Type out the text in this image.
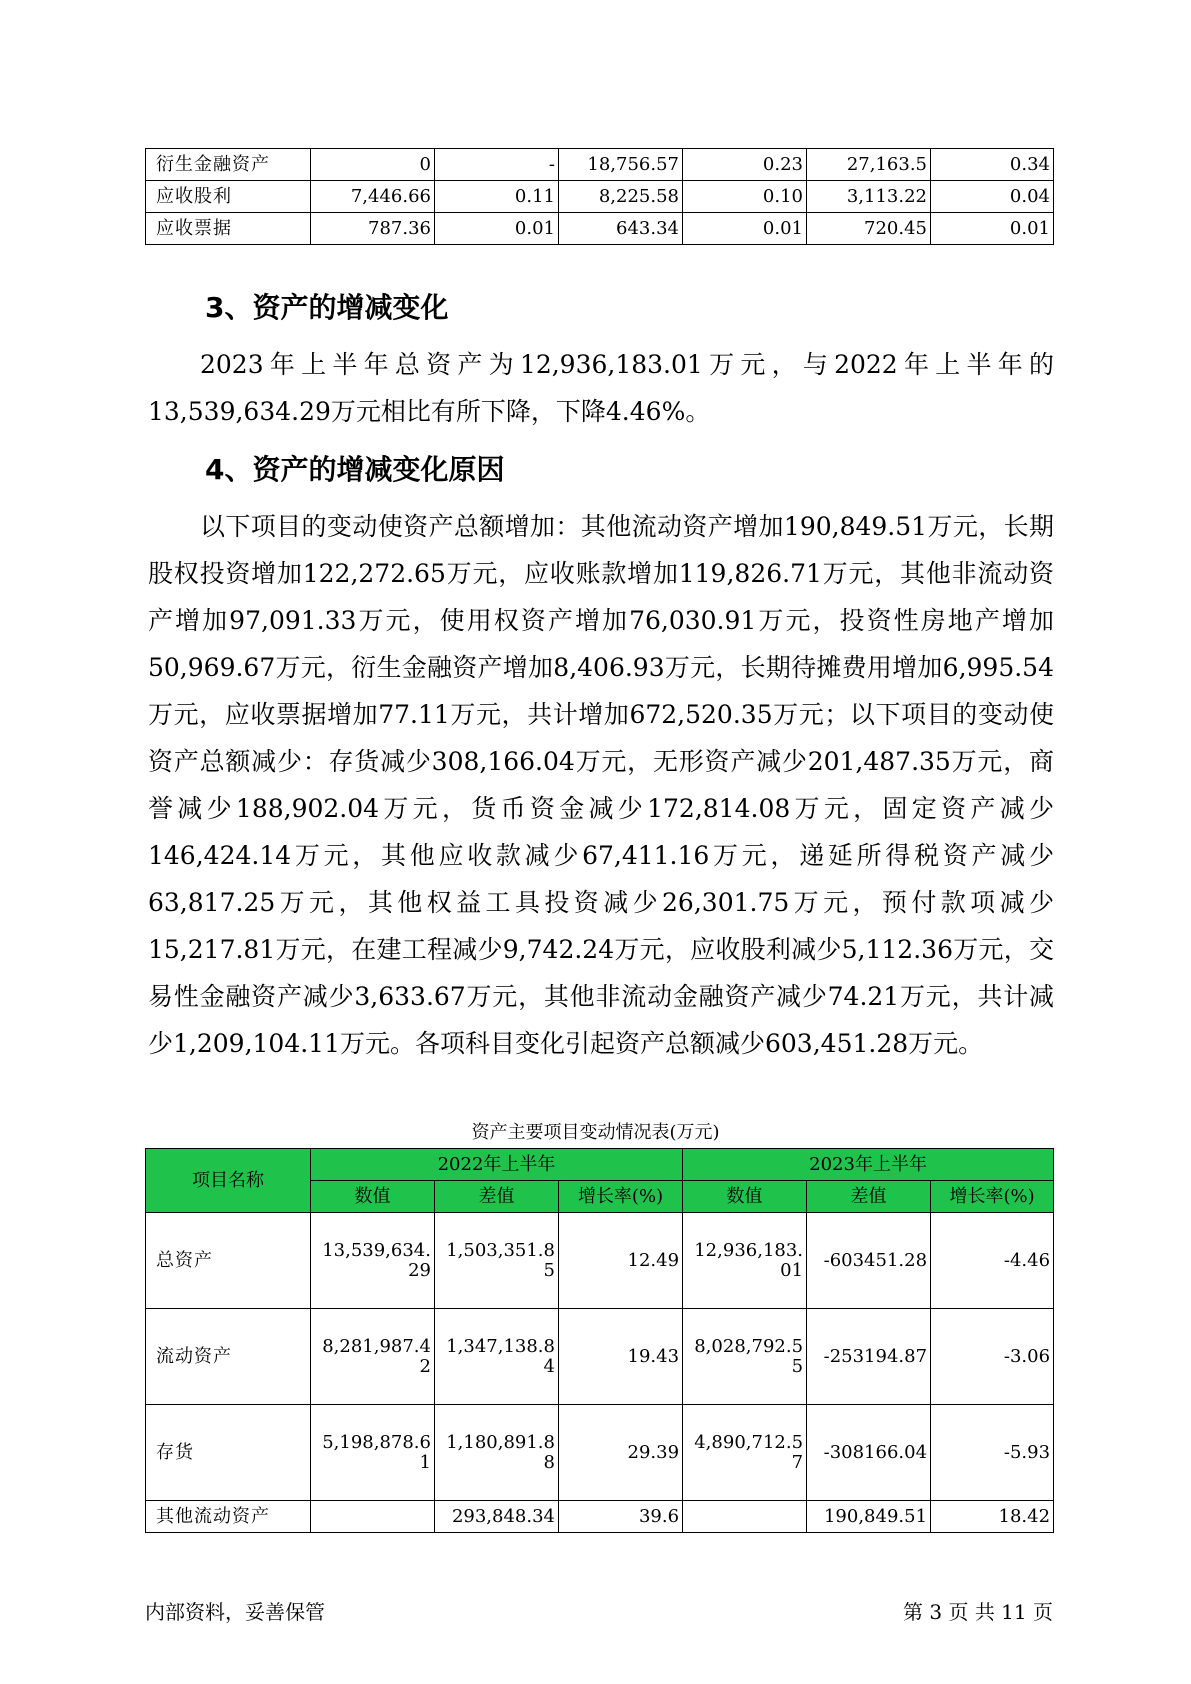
衍生金融资产	0	-	18,756.57	0.23	27,163.5	0.34
应收股利	7,446.66	0.11	8,225.58	0.10	3,113.22	0.04
应收票据	787.36	0.01	643.34	0.01	720.45	0.01
3、资产的增减变化

2023年上半年总资产为12,936,183.01万元，与2022年上半年的13,539,634.29万元相比有所下降，下降4.46%。

4、资产的增减变化原因

以下项目的变动使资产总额增加：其他流动资产增加190,849.51万元，长期股权投资增加122,272.65万元，应收账款增加119,826.71万元，其他非流动资产增加97,091.33万元，使用权资产增加76,030.91万元，投资性房地产增加50,969.67万元，衍生金融资产增加8,406.93万元，长期待摊费用增加6,995.54万元，应收票据增加77.11万元，共计增加672,520.35万元；以下项目的变动使资产总额减少：存货减少308,166.04万元，无形资产减少201,487.35万元，商誉减少188,902.04万元，货币资金减少172,814.08万元，固定资产减少146,424.14万元，其他应收款减少67,411.16万元，递延所得税资产减少63,817.25万元，其他权益工具投资减少26,301.75万元，预付款项减少15,217.81万元，在建工程减少9,742.24万元，应收股利减少5,112.36万元，交易性金融资产减少3,633.67万元，其他非流动金融资产减少74.21万元，共计减少1,209,104.11万元。各项科目变化引起资产总额减少603,451.28万元。

资产主要项目变动情况表(万元)
项目名称	2022年上半年			2023年上半年		
	数值	差值	增长率(%)	数值	差值	增长率(%)
总资产	13,539,634.29	1,503,351.85	12.49	12,936,183.01	-603451.28	-4.46
流动资产	8,281,987.42	1,347,138.84	19.43	8,028,792.55	-253194.87	-3.06
存货	5,198,878.61	1,180,891.88	29.39	4,890,712.57	-308166.04	-5.93
其他流动资产		293,848.34	39.6		190,849.51	18.42
内部资料，妥善保管	第 3 页 共 11 页
